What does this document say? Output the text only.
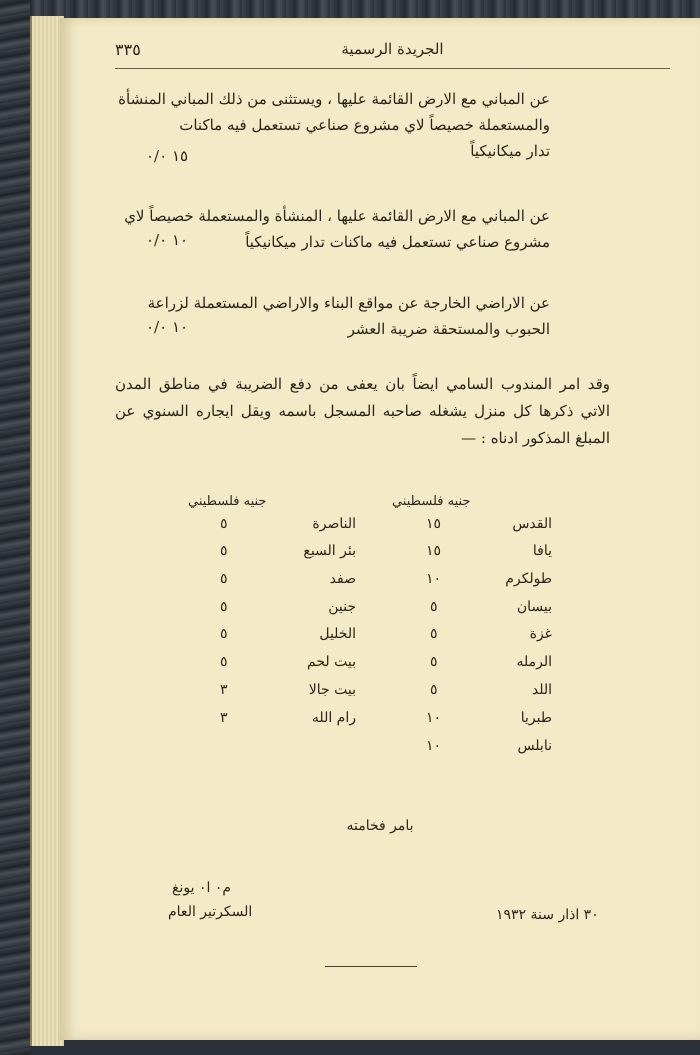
٣٣٥	الجريدة الرسمية
عن المباني مع الارض القائمة عليها ، ويستثنى من ذلك المباني المنشأة
والمستعملة خصيصاً لاي مشروع صناعي تستعمل فيه ماكنات
تدار ميكانيكياً
١٥ ٠/٠
عن المباني مع الارض القائمة عليها ، المنشأة والمستعملة خصيصاً لاي
مشروع صناعي تستعمل فيه ماكنات تدار ميكانيكياً
١٠ ٠/٠
عن الاراضي الخارجة عن مواقع البناء والاراضي المستعملة لزراعة
الحبوب والمستحقة ضريبة العشر
١٠ ٠/٠
وقد امر المندوب السامي ايضاً بان يعفى من دفع الضريبة في مناطق المدن الاتي ذكرها كل منزل يشغله صاحبه المسجل باسمه ويقل ايجاره السنوي عن المبلغ المذكور ادناه : —
جنيه فلسطيني
جنيه فلسطيني
القدس
١٥
يافا
١٥
طولكرم
١٠
بيسان
٥
غزة
٥
الرمله
٥
اللد
٥
طبريا
١٠
نابلس
١٠
الناصرة
٥
بئر السبع
٥
صفد
٥
جنين
٥
الخليل
٥
بيت لحم
٥
بيت جالا
٣
رام الله
٣
بامر فخامته
م٠ ا٠ يونغ
السكرتير العام	٣٠ اذار سنة ١٩٣٢
